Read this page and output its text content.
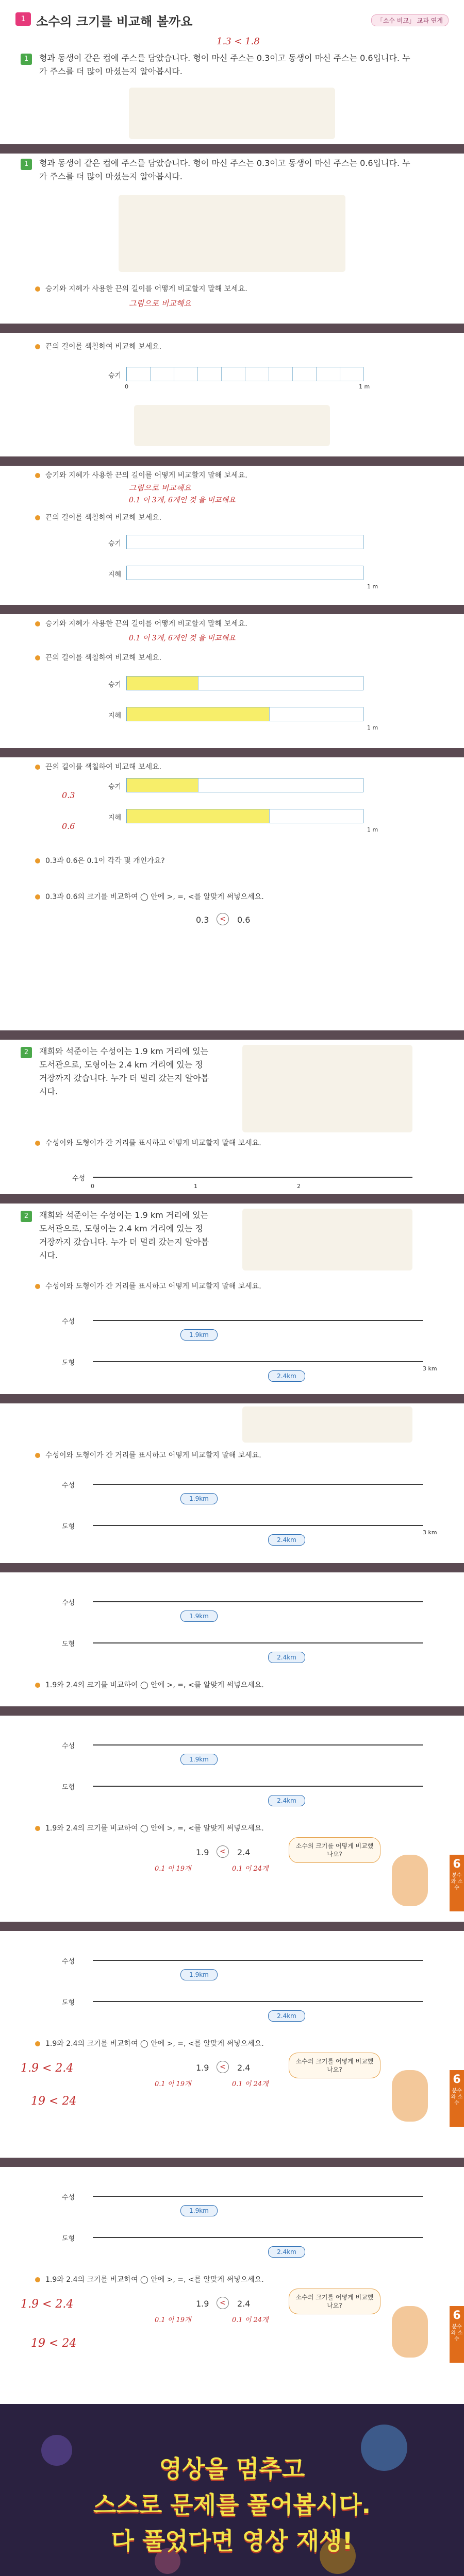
1 소수의 크기를 비교해 볼까요	「소수 비교」 교과 연계
1.3 < 1.8
1	형과 동생이 같은 컵에 주스를 담았습니다. 형이 마신 주스는 0.3이고 동생이 마신 주스는 0.6입니다. 누가 주스를 더 많이 마셨는지 알아봅시다.
1	형과 동생이 같은 컵에 주스를 담았습니다. 형이 마신 주스는 0.3이고 동생이 마신 주스는 0.6입니다. 누가 주스를 더 많이 마셨는지 알아봅시다.
승기와 지혜가 사용한 끈의 길이를 어떻게 비교할지 말해 보세요.
그림으로 비교해요
끈의 길이를 색칠하여 비교해 보세요.
승기
0	1 m
승기와 지혜가 사용한 끈의 길이를 어떻게 비교할지 말해 보세요.
그림으로 비교해요
0.1 이 3개, 6개인 것 을 비교해요
끈의 길이를 색칠하여 비교해 보세요.
승기
지혜
1 m
승기와 지혜가 사용한 끈의 길이를 어떻게 비교할지 말해 보세요.
0.1 이 3개, 6개인 것 을 비교해요
끈의 길이를 색칠하여 비교해 보세요.
승기
지혜
1 m
끈의 길이를 색칠하여 비교해 보세요.
0.3
승기
0.6
지혜
1 m
0.3과 0.6은 0.1이 각각 몇 개인가요?
0.3과 0.6의 크기를 비교하여 ◯ 안에 >, =, <를 알맞게 써넣으세요.
0.3	<	0.6
2	재희와 석준이는 수성이는 1.9 km 거리에 있는 도서관으로, 도형이는 2.4 km 거리에 있는 정거장까지 갔습니다. 누가 더 멀리 갔는지 알아봅시다.
수성이와 도형이가 간 거리를 표시하고 어떻게 비교할지 말해 보세요.
수성
0	1	2
2	재희와 석준이는 수성이는 1.9 km 거리에 있는 도서관으로, 도형이는 2.4 km 거리에 있는 정거장까지 갔습니다. 누가 더 멀리 갔는지 알아봅시다.
수성이와 도형이가 간 거리를 표시하고 어떻게 비교할지 말해 보세요.
수성
1.9km
도형
2.4km
3 km
수성이와 도형이가 간 거리를 표시하고 어떻게 비교할지 말해 보세요.
수성
1.9km
도형
2.4km
3 km
수성
1.9km
도형
2.4km
1.9와 2.4의 크기를 비교하여 ◯ 안에 >, =, <를 알맞게 써넣으세요.
수성
1.9km
도형
2.4km
1.9와 2.4의 크기를 비교하여 ◯ 안에 >, =, <를 알맞게 써넣으세요.
1.9	<	2.4
0.1 이 19개	0.1 이 24개
소수의 크기를 어떻게 비교했나요?
6
분수와 소수
수성
1.9km
도형
2.4km
1.9와 2.4의 크기를 비교하여 ◯ 안에 >, =, <를 알맞게 써넣으세요.
1.9 < 2.4	1.9	<	2.4
0.1 이 19개	0.1 이 24개
19 < 24
소수의 크기를 어떻게 비교했나요?
6
분수와 소수
수성
1.9km
도형
2.4km
1.9와 2.4의 크기를 비교하여 ◯ 안에 >, =, <를 알맞게 써넣으세요.
1.9 < 2.4	1.9	<	2.4
0.1 이 19개	0.1 이 24개
19 < 24
소수의 크기를 어떻게 비교했나요?
6
분수와 소수
영상을 멈추고
스스로 문제를 풀어봅시다.
다 풀었다면 영상 재생!
